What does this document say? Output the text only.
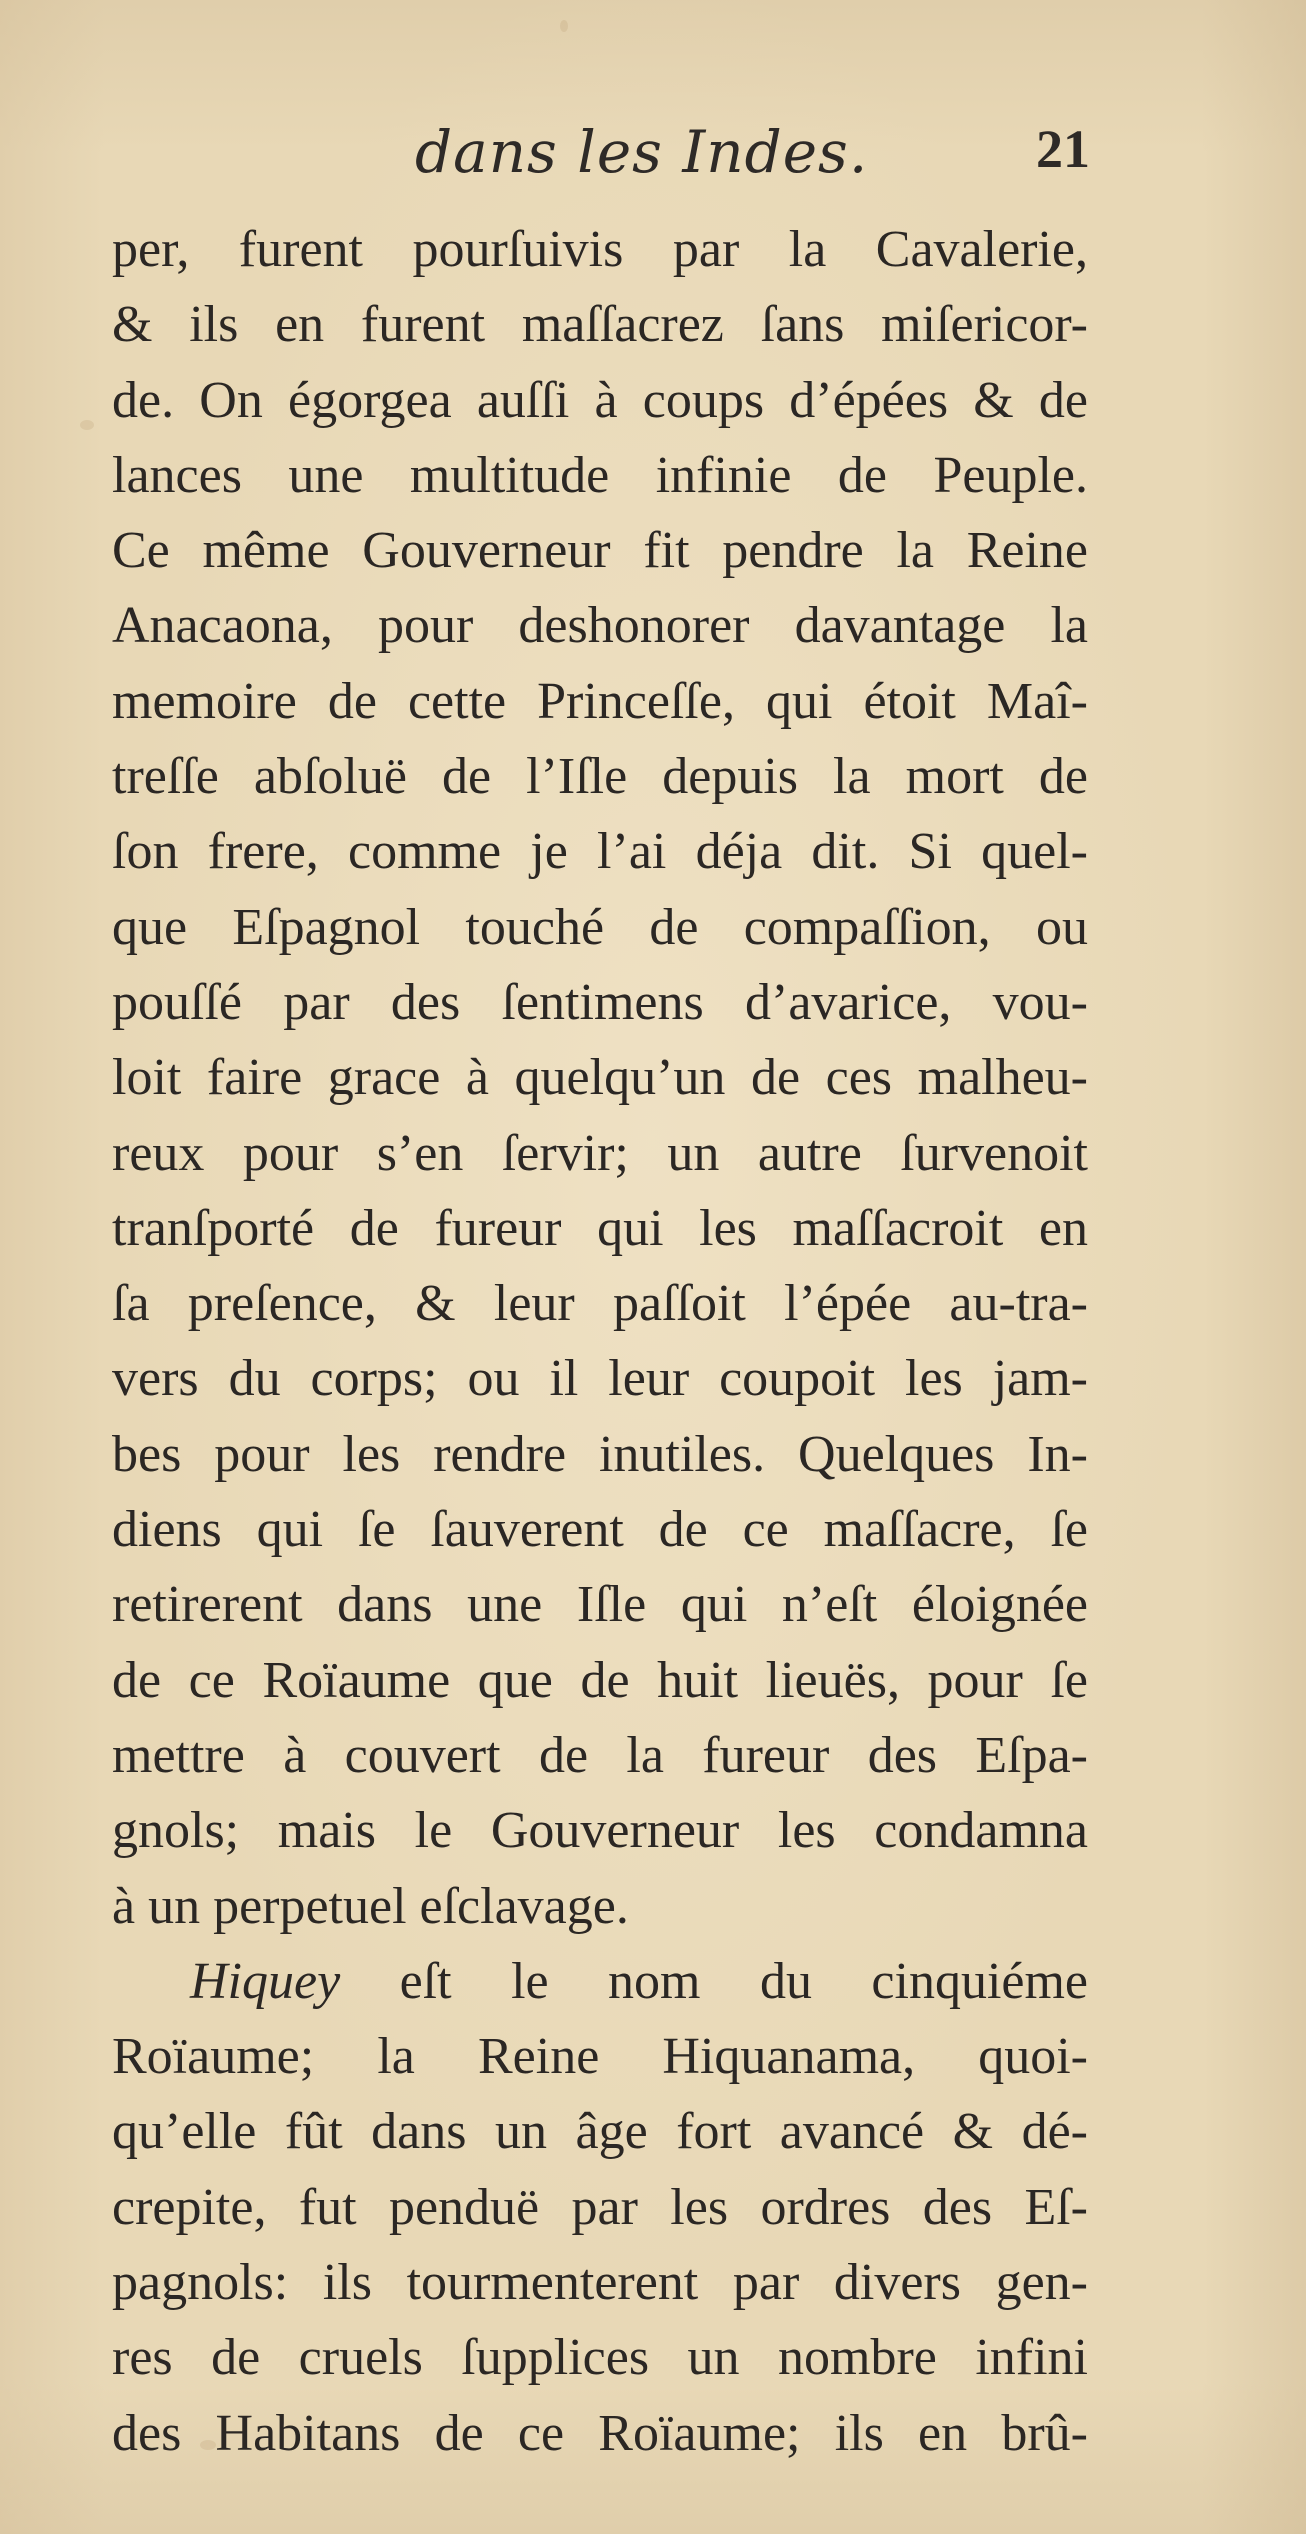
dans les Indes.	21
per, furent pourſuivis par la Cavalerie,
& ils en furent maſſacrez ſans miſericor-
de. On égorgea auſſi à coups d’épées & de
lances une multitude infinie de Peuple.
Ce même Gouverneur fit pendre la Reine
Anacaona, pour deshonorer davantage la
memoire de cette Princeſſe, qui étoit Maî-
treſſe abſoluë de l’Iſle depuis la mort de
ſon frere, comme je l’ai déja dit. Si quel-
que Eſpagnol touché de compaſſion, ou
pouſſé par des ſentimens d’avarice, vou-
loit faire grace à quelqu’un de ces malheu-
reux pour s’en ſervir; un autre ſurvenoit
tranſporté de fureur qui les maſſacroit en
ſa preſence, & leur paſſoit l’épée au-tra-
vers du corps; ou il leur coupoit les jam-
bes pour les rendre inutiles. Quelques In-
diens qui ſe ſauverent de ce maſſacre, ſe
retirerent dans une Iſle qui n’eſt éloignée
de ce Roïaume que de huit lieuës, pour ſe
mettre à couvert de la fureur des Eſpa-
gnols; mais le Gouverneur les condamna
à un perpetuel eſclavage.
Hiquey eſt le nom du cinquiéme
Roïaume; la Reine Hiquanama, quoi-
qu’elle fût dans un âge fort avancé & dé-
crepite, fut penduë par les ordres des Eſ-
pagnols: ils tourmenterent par divers gen-
res de cruels ſupplices un nombre infini
des Habitans de ce Roïaume; ils en brû-
